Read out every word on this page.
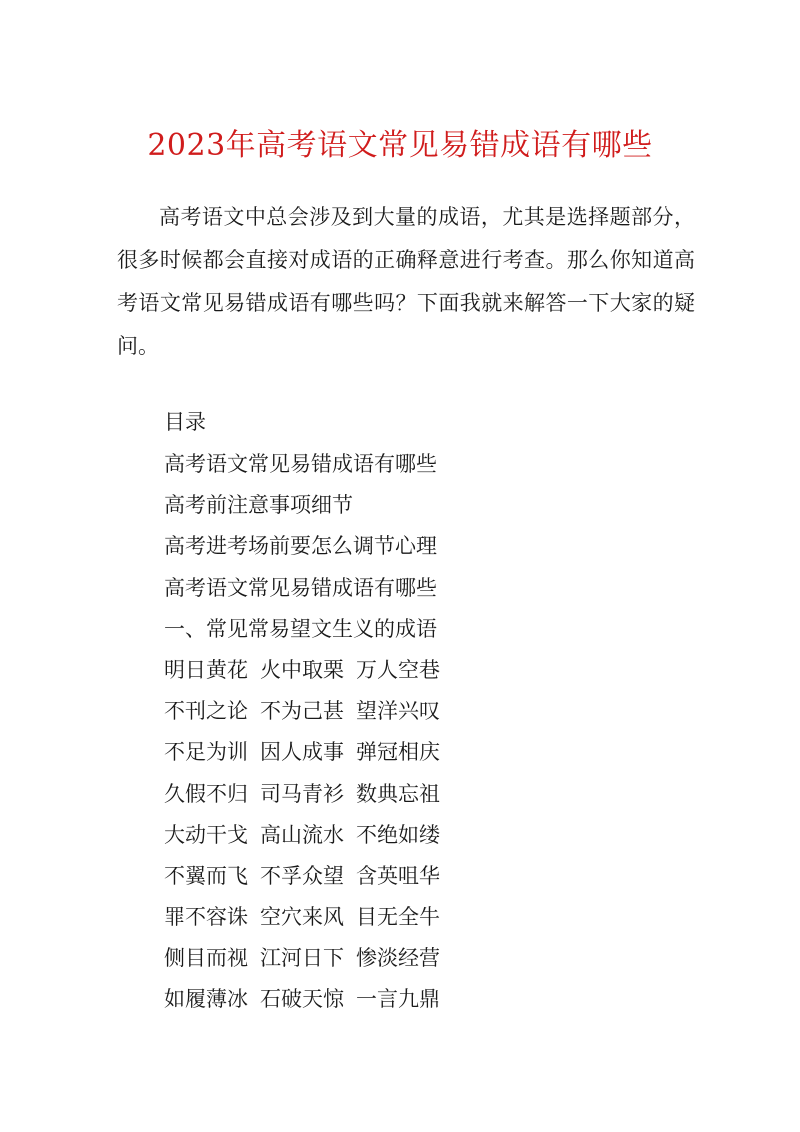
2023年高考语文常见易错成语有哪些

高考语文中总会涉及到大量的成语，尤其是选择题部分，很多时候都会直接对成语的正确释意进行考查。那么你知道高考语文常见易错成语有哪些吗？下面我就来解答一下大家的疑问。

目录
高考语文常见易错成语有哪些
高考前注意事项细节
高考进考场前要怎么调节心理
高考语文常见易错成语有哪些
一、常见常易望文生义的成语
明日黄花 火中取栗 万人空巷
不刊之论 不为己甚 望洋兴叹
不足为训 因人成事 弹冠相庆
久假不归 司马青衫 数典忘祖
大动干戈 高山流水 不绝如缕
不翼而飞 不孚众望 含英咀华
罪不容诛 空穴来风 目无全牛
侧目而视 江河日下 惨淡经营
如履薄冰 石破天惊 一言九鼎
